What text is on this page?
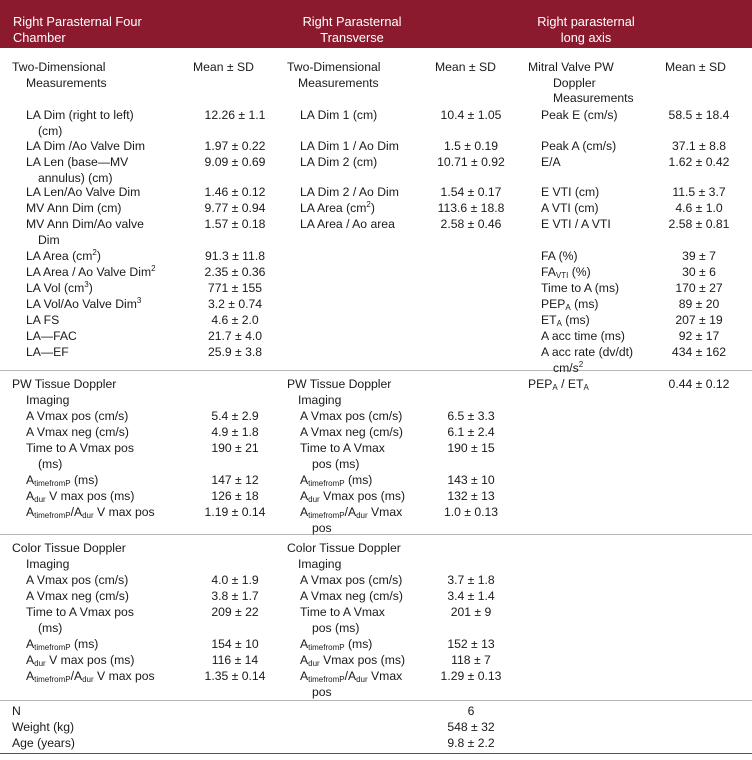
Right Parasternal Four
Chamber
Right Parasternal
Transverse
Right parasternal
long axis
Two-Dimensional
Measurements
Mean ± SD
LA Dim (right to left)
(cm)
12.26 ± 1.1
LA Dim /Ao Valve Dim	1.97 ± 0.22
LA Len (base—MV
annulus) (cm)
9.09 ± 0.69
LA Len/Ao Valve Dim	1.46 ± 0.12
MV Ann Dim (cm)	9.77 ± 0.94
MV Ann Dim/Ao valve
Dim
1.57 ± 0.18
LA Area $(cm^2)$	91.3 ± 11.8
LA Area / Ao Valve Dim$^2$	2.35 ± 0.36
LA Vol $(cm^3)$	771 ± 155
LA Vol/Ao Valve Dim$^3$	3.2 ± 0.74
LA FS	4.6 ± 2.0
LA—FAC	21.7 ± 4.0
LA—EF	25.9 ± 3.8
Two-Dimensional
Measurements
Mean ± SD
LA Dim 1 (cm)	10.4 ± 1.05
LA Dim 1 / Ao Dim	1.5 ± 0.19
LA Dim 2 (cm)	10.71 ± 0.92
LA Dim 2 / Ao Dim	1.54 ± 0.17
LA Area $(cm^2)$	113.6 ± 18.8
LA Area / Ao area	2.58 ± 0.46
Mitral Valve PW
Doppler
Measurements
Mean ± SD
Peak E (cm/s)	58.5 ± 18.4
Peak A (cm/s)	37.1 ± 8.8
E/A	1.62 ± 0.42
E VTI (cm)	11.5 ± 3.7
A VTI (cm)	4.6 ± 1.0
E VTI / A VTI	2.58 ± 0.81
FA (%)	39 ± 7
$FA_{VTI}$ (%)	30 ± 6
Time to A (ms)	170 ± 27
$PEP_A$ (ms)	89 ± 20
$ET_A$ (ms)	207 ± 19
A acc time (ms)	92 ± 17
A acc rate (dv/dt)
$cm/s^2$
434 ± 162
PW Tissue Doppler
Imaging
A Vmax pos (cm/s)	5.4 ± 2.9
A Vmax neg (cm/s)	4.9 ± 1.8
Time to A Vmax pos
(ms)
190 ± 21
$A_{timefromP}$ (ms)	147 ± 12
$A_{dur}$ V max pos (ms)	126 ± 18
$A_{timefromP}/A_{dur}$ V max pos	1.19 ± 0.14
PW Tissue Doppler
Imaging
A Vmax pos (cm/s)	6.5 ± 3.3
A Vmax neg (cm/s)	6.1 ± 2.4
Time to A Vmax
pos (ms)
190 ± 15
$A_{timefromP}$ (ms)	143 ± 10
$A_{dur}$ Vmax pos (ms)	132 ± 13
$A_{timefromP}/A_{dur}$ Vmax
pos
1.0 ± 0.13
$PEP_A / ET_A$	0.44 ± 0.12
Color Tissue Doppler
Imaging
A Vmax pos (cm/s)	4.0 ± 1.9
A Vmax neg (cm/s)	3.8 ± 1.7
Time to A Vmax pos
(ms)
209 ± 22
$A_{timefromP}$ (ms)	154 ± 10
$A_{dur}$ V max pos (ms)	116 ± 14
$A_{timefromP}/A_{dur}$ V max pos	1.35 ± 0.14
Color Tissue Doppler
Imaging
A Vmax pos (cm/s)	3.7 ± 1.8
A Vmax neg (cm/s)	3.4 ± 1.4
Time to A Vmax
pos (ms)
201 ± 9
$A_{timefromP}$ (ms)	152 ± 13
$A_{dur}$ Vmax pos (ms)	118 ± 7
$A_{timefromP}/A_{dur}$ Vmax
pos
1.29 ± 0.13
N	6
Weight (kg)	548 ± 32
Age (years)	9.8 ± 2.2
